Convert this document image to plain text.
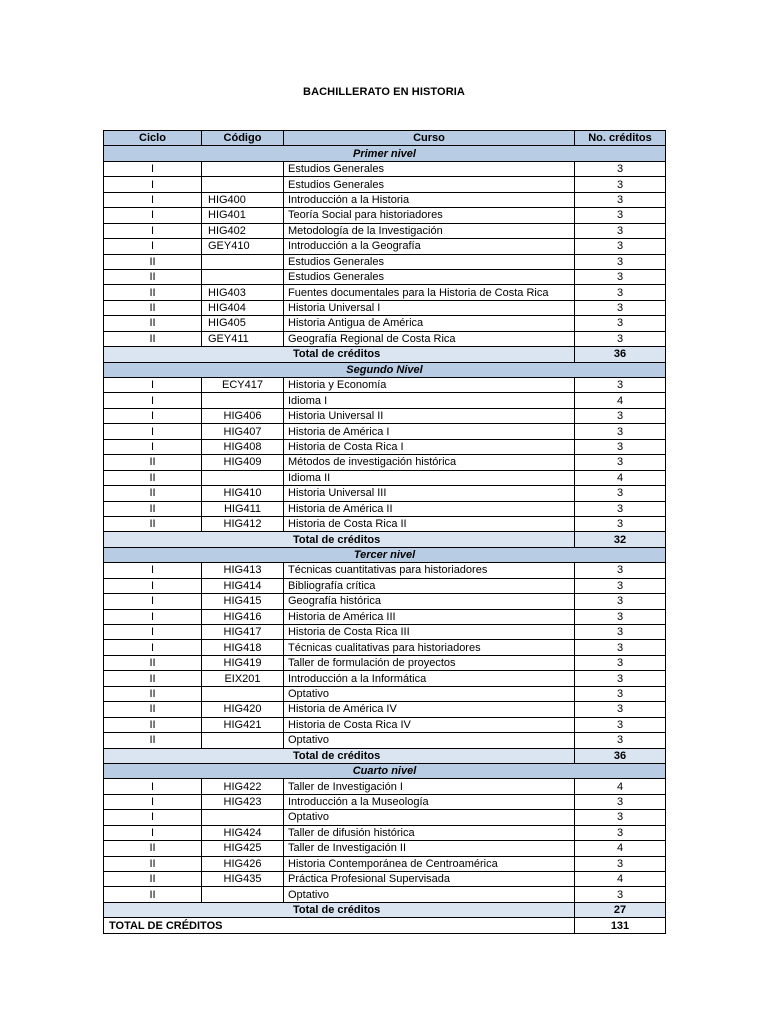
BACHILLERATO EN HISTORIA
Ciclo	Código	Curso	No. créditos
Primer nivel			
I		Estudios Generales	3
I		Estudios Generales	3
I	HIG400	Introducción a la Historia	3
I	HIG401	Teoría Social para historiadores	3
I	HIG402	Metodología de la Investigación	3
I	GEY410	Introducción a la Geografía	3
II		Estudios Generales	3
II		Estudios Generales	3
II	HIG403	Fuentes documentales para la Historia de Costa Rica	3
II	HIG404	Historia Universal I	3
II	HIG405	Historia Antigua de América	3
II	GEY411	Geografía Regional de Costa Rica	3
Total de créditos			36
Segundo Nivel			
I	ECY417	Historia y Economía	3
I		Idioma I	4
I	HIG406	Historia Universal II	3
I	HIG407	Historia de América I	3
I	HIG408	Historia de Costa Rica I	3
II	HIG409	Métodos de investigación histórica	3
II		Idioma II	4
II	HIG410	Historia Universal III	3
II	HIG411	Historia de América II	3
II	HIG412	Historia de Costa Rica II	3
Total de créditos			32
Tercer nivel			
I	HIG413	Técnicas cuantitativas para historiadores	3
I	HIG414	Bibliografía crítica	3
I	HIG415	Geografía histórica	3
I	HIG416	Historia de América III	3
I	HIG417	Historia de Costa Rica III	3
I	HIG418	Técnicas cualitativas para historiadores	3
II	HIG419	Taller de formulación de proyectos	3
II	EIX201	Introducción a la Informática	3
II		Optativo	3
II	HIG420	Historia de América IV	3
II	HIG421	Historia de Costa Rica IV	3
II		Optativo	3
Total de créditos			36
Cuarto nivel			
I	HIG422	Taller de Investigación I	4
I	HIG423	Introducción a la Museología	3
I		Optativo	3
I	HIG424	Taller de difusión histórica	3
II	HIG425	Taller de Investigación II	4
II	HIG426	Historia Contemporánea de Centroamérica	3
II	HIG435	Práctica Profesional Supervisada	4
II		Optativo	3
Total de créditos			27
TOTAL DE CRÉDITOS			131
